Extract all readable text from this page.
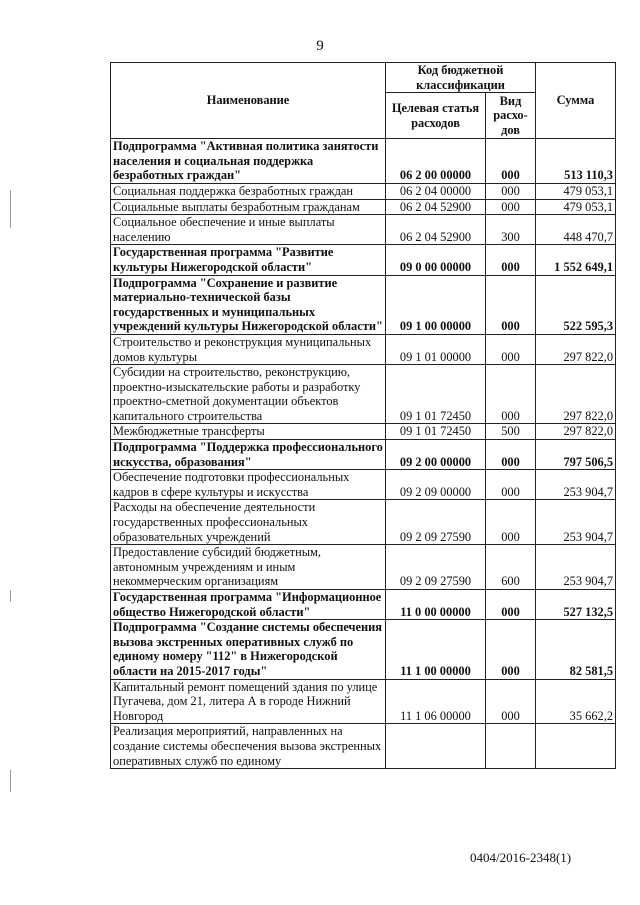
9
Наименование	Код бюджетной классификации		Сумма
	Целевая статья расходов	Вид расхо-дов	
Подпрограмма "Активная политика занятости населения и социальная поддержка безработных граждан"	06 2 00 00000	000	513 110,3
Социальная поддержка безработных граждан	06 2 04 00000	000	479 053,1
Социальные выплаты безработным гражданам	06 2 04 52900	000	479 053,1
Социальное обеспечение и иные выплаты населению	06 2 04 52900	300	448 470,7
Государственная программа "Развитие культуры Нижегородской области"	09 0 00 00000	000	1 552 649,1
Подпрограмма "Сохранение и развитие материально-технической базы государственных и муниципальных учреждений культуры Нижегородской области"	09 1 00 00000	000	522 595,3
Строительство и реконструкция муниципальных домов культуры	09 1 01 00000	000	297 822,0
Субсидии на строительство, реконструкцию, проектно-изыскательские работы и разработку проектно-сметной документации объектов капитального строительства	09 1 01 72450	000	297 822,0
Межбюджетные трансферты	09 1 01 72450	500	297 822,0
Подпрограмма "Поддержка профессионального искусства, образования"	09 2 00 00000	000	797 506,5
Обеспечение подготовки профессиональных кадров в сфере культуры и искусства	09 2 09 00000	000	253 904,7
Расходы на обеспечение деятельности государственных профессиональных образовательных учреждений	09 2 09 27590	000	253 904,7
Предоставление субсидий бюджетным, автономным учреждениям и иным некоммерческим организациям	09 2 09 27590	600	253 904,7
Государственная программа "Информационное общество Нижегородской области"	11 0 00 00000	000	527 132,5
Подпрограмма "Создание системы обеспечения вызова экстренных оперативных служб по единому номеру "112" в Нижегородской области на 2015-2017 годы"	11 1 00 00000	000	82 581,5
Капитальный ремонт помещений здания по улице Пугачева, дом 21, литера А в городе Нижний Новгород	11 1 06 00000	000	35 662,2
Реализация мероприятий, направленных на создание системы обеспечения вызова экстренных оперативных служб по единому			
0404/2016-2348(1)
